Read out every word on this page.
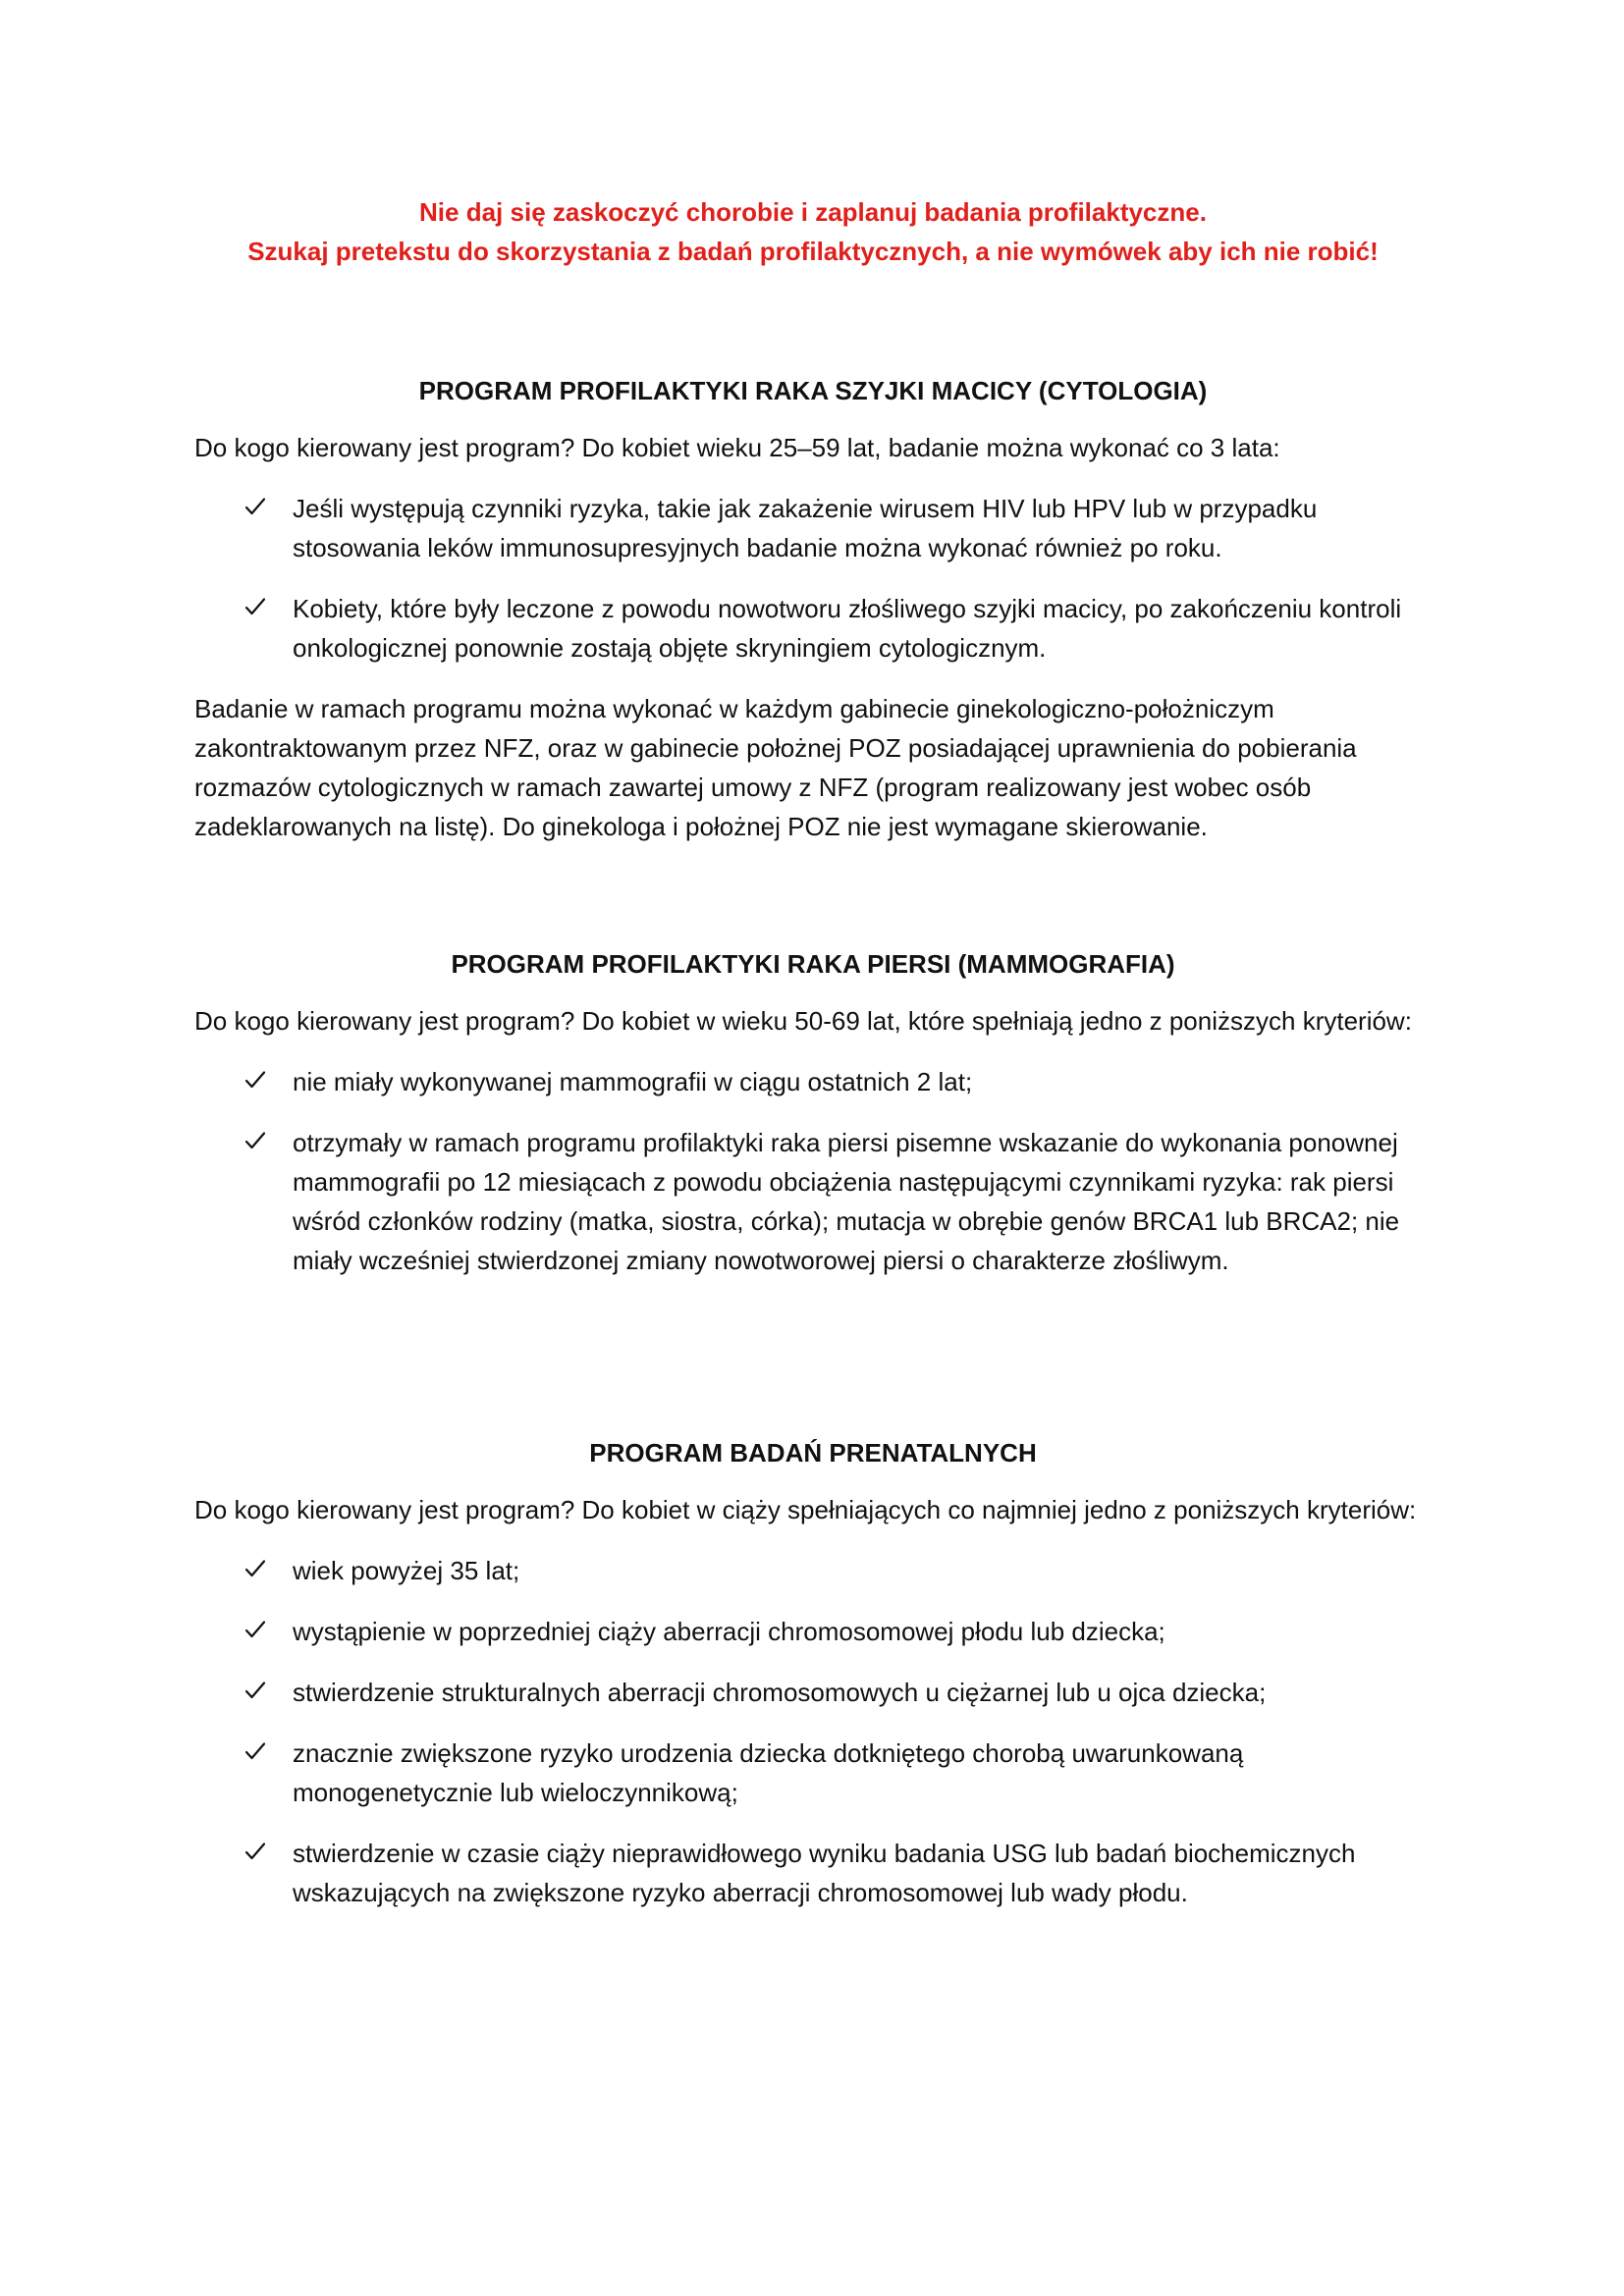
Nie daj się zaskoczyć chorobie i zaplanuj badania profilaktyczne.

Szukaj pretekstu do skorzystania z badań profilaktycznych, a nie wymówek aby ich nie robić!

PROGRAM PROFILAKTYKI RAKA SZYJKI MACICY (CYTOLOGIA)

Do kogo kierowany jest program? Do kobiet wieku 25–59 lat, badanie można wykonać co 3 lata:

Jeśli występują czynniki ryzyka, takie jak zakażenie wirusem HIV lub HPV lub w przypadku stosowania leków immunosupresyjnych badanie można wykonać również po roku.
Kobiety, które były leczone z powodu nowotworu złośliwego szyjki macicy, po zakończeniu kontroli onkologicznej ponownie zostają objęte skryningiem cytologicznym.

Badanie w ramach programu można wykonać w każdym gabinecie ginekologiczno-położniczym zakontraktowanym przez NFZ, oraz w gabinecie położnej POZ posiadającej uprawnienia do pobierania rozmazów cytologicznych w ramach zawartej umowy z NFZ (program realizowany jest wobec osób zadeklarowanych na listę). Do ginekologa i położnej POZ nie jest wymagane skierowanie.

PROGRAM PROFILAKTYKI RAKA PIERSI (MAMMOGRAFIA)

Do kogo kierowany jest program? Do kobiet w wieku 50-69 lat, które spełniają jedno z poniższych kryteriów:

nie miały wykonywanej mammografii w ciągu ostatnich 2 lat;
otrzymały w ramach programu profilaktyki raka piersi pisemne wskazanie do wykonania ponownej mammografii po 12 miesiącach z powodu obciążenia następującymi czynnikami ryzyka: rak piersi wśród członków rodziny (matka, siostra, córka); mutacja w obrębie genów BRCA1 lub BRCA2; nie miały wcześniej stwierdzonej zmiany nowotworowej piersi o charakterze złośliwym.
PROGRAM BADAŃ PRENATALNYCH

Do kogo kierowany jest program? Do kobiet w ciąży spełniających co najmniej jedno z poniższych kryteriów:

wiek powyżej 35 lat;
wystąpienie w poprzedniej ciąży aberracji chromosomowej płodu lub dziecka;
stwierdzenie strukturalnych aberracji chromosomowych u ciężarnej lub u ojca dziecka;
znacznie zwiększone ryzyko urodzenia dziecka dotkniętego chorobą uwarunkowaną monogenetycznie lub wieloczynnikową;
stwierdzenie w czasie ciąży nieprawidłowego wyniku badania USG lub badań biochemicznych wskazujących na zwiększone ryzyko aberracji chromosomowej lub wady płodu.
